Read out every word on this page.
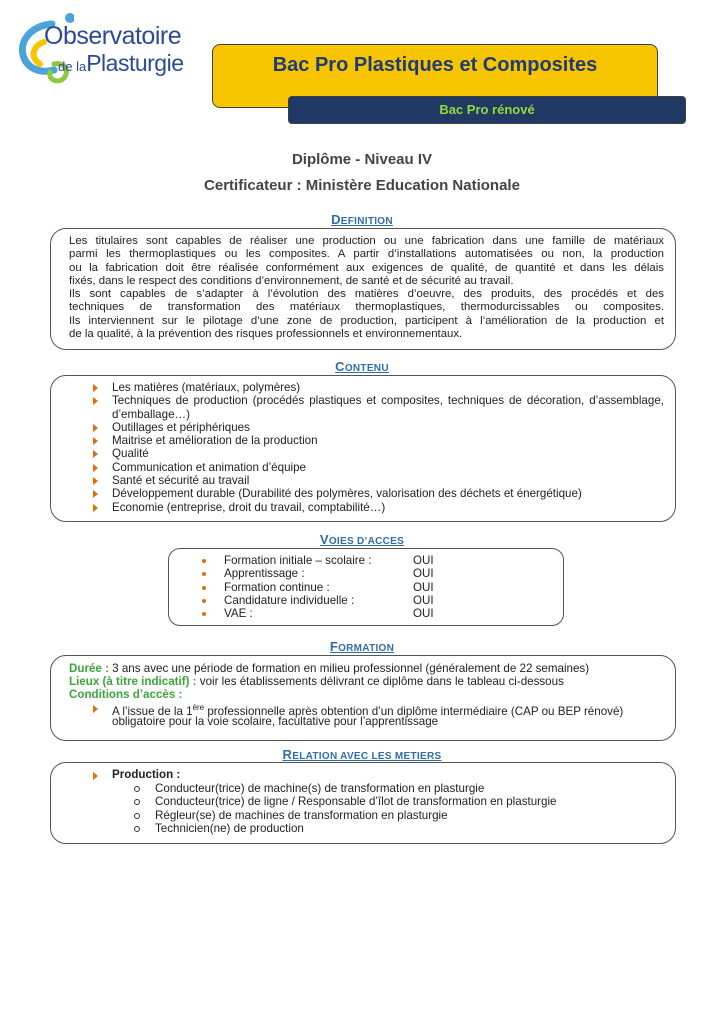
Observatoire
de laPlasturgie	Bac Pro Plastiques et Composites
Bac Pro rénové
Diplôme - Niveau IV
Certificateur : Ministère Education Nationale
DEFINITION
Les titulaires sont capables de réaliser une production ou une fabrication dans une famille de matériaux
parmi les thermoplastiques ou les composites. A partir d’installations automatisées ou non, la production
ou la fabrication doit être réalisée conformément aux exigences de qualité, de quantité et dans les délais
fixés, dans le respect des conditions d’environnement, de santé et de sécurité au travail.
Ils sont capables de s’adapter à l’évolution des matières d’oeuvre, des produits, des procédés et des
techniques de transformation des matériaux thermoplastiques, thermodurcissables ou composites.
Ils interviennent sur le pilotage d’une zone de production, participent à l’amélioration de la production et
de la qualité, à la prévention des risques professionnels et environnementaux.
CONTENU
Les matières (matériaux, polymères)
Techniques de production (procédés plastiques et composites, techniques de décoration, d’assemblage, d’emballage…)
Outillages et périphériques
Maitrise et amélioration de la production
Qualité
Communication et animation d’équipe
Santé et sécurité au travail
Développement durable (Durabilité des polymères, valorisation des déchets et énergétique)
Economie (entreprise, droit du travail, comptabilité…)
VOIES D’ACCES
Formation initiale – scolaire :	OUI
Apprentissage :	OUI
Formation continue :	OUI
Candidature individuelle :	OUI
VAE :	OUI
FORMATION
Durée : 3 ans avec une période de formation en milieu professionnel (généralement de 22 semaines)
Lieux (à titre indicatif) : voir les établissements délivrant ce diplôme dans le tableau ci-dessous
Conditions d’accès :
A l’issue de la 1ère professionnelle après obtention d’un diplôme intermédiaire (CAP ou BEP rénové)
obligatoire pour la voie scolaire, facultative pour l’apprentissage
RELATION AVEC LES METIERS
Production :
Conducteur(trice) de machine(s) de transformation en plasturgie
Conducteur(trice) de ligne / Responsable d’îlot de transformation en plasturgie
Régleur(se) de machines de transformation en plasturgie
Technicien(ne) de production
